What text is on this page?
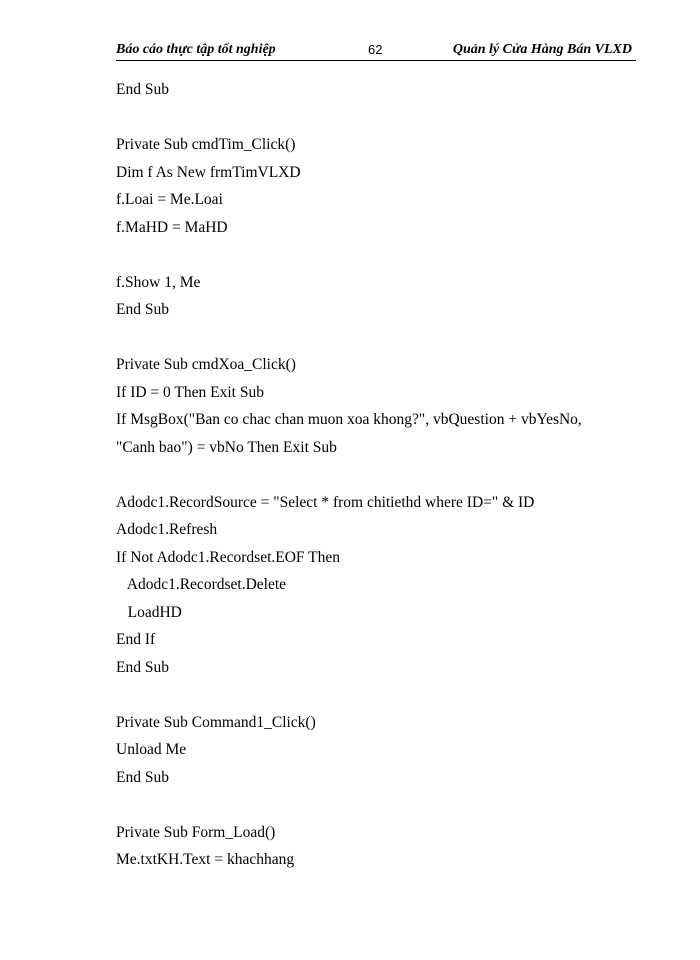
Báo cáo thực tập tốt nghiệp	62	Quản lý Cửa Hàng Bán VLXD
End Sub
Private Sub cmdTim_Click()
Dim f As New frmTimVLXD
f.Loai = Me.Loai
f.MaHD = MaHD
f.Show 1, Me
End Sub
Private Sub cmdXoa_Click()
If ID = 0 Then Exit Sub
If MsgBox("Ban co chac chan muon xoa khong?", vbQuestion + vbYesNo,
"Canh bao") = vbNo Then Exit Sub
Adodc1.RecordSource = "Select * from chitiethd where ID=" & ID
Adodc1.Refresh
If Not Adodc1.Recordset.EOF Then
Adodc1.Recordset.Delete
LoadHD
End If
End Sub
Private Sub Command1_Click()
Unload Me
End Sub
Private Sub Form_Load()
Me.txtKH.Text = khachhang
